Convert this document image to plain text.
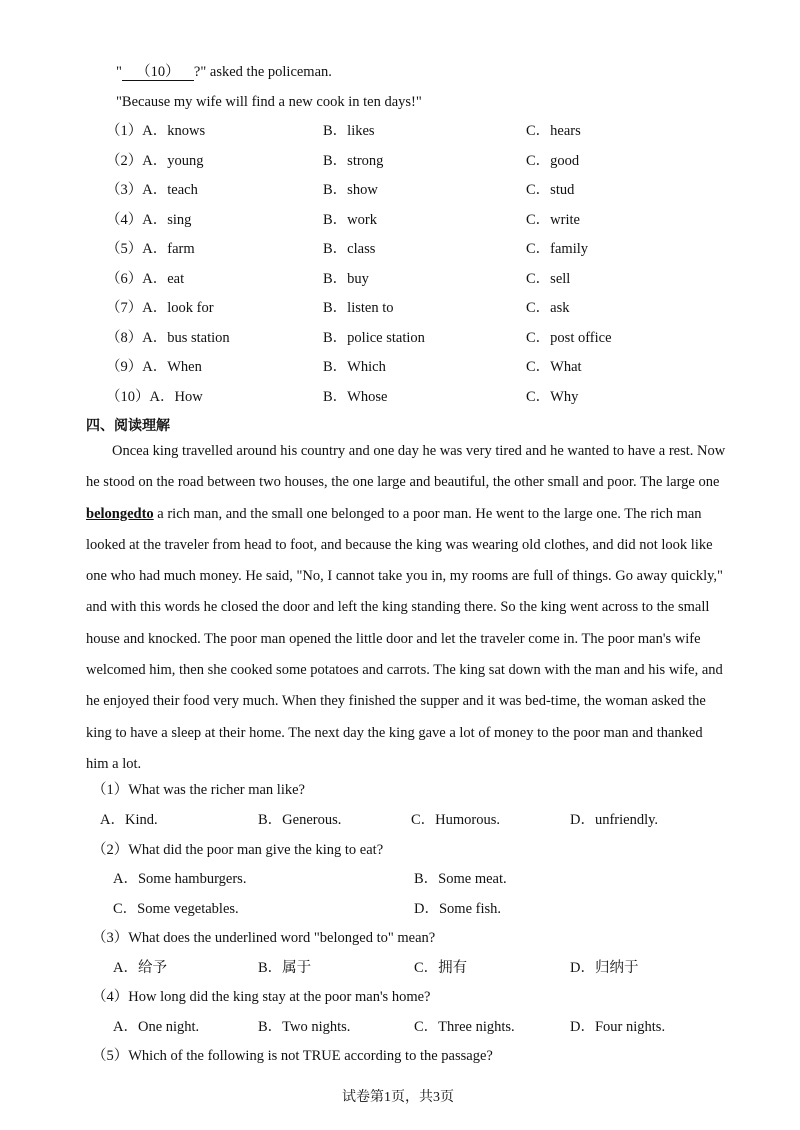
" （10） ?" asked the policeman.
"Because my wife will find a new cook in ten days!"
（1）A．knows	B．likes	C．hears
（2）A．young	B．strong	C．good
（3）A．teach	B．show	C．stud
（4）A．sing	B．work	C．write
（5）A．farm	B．class	C．family
（6）A．eat	B．buy	C．sell
（7）A．look for	B．listen to	C．ask
（8）A．bus station	B．police station	C．post office
（9）A．When	B．Which	C．What
（10）A．How	B．Whose	C．Why
四、阅读理解
Oncea king travelled around his country and one day he was very tired and he wanted to have a rest. Now he stood on the road between two houses, the one large and beautiful, the other small and poor. The large one belongedto a rich man, and the small one belonged to a poor man. He went to the large one. The rich man looked at the traveler from head to foot, and because the king was wearing old clothes, and did not look like one who had much money. He said, "No, I cannot take you in, my rooms are full of things. Go away quickly," and with this words he closed the door and left the king standing there. So the king went across to the small house and knocked. The poor man opened the little door and let the traveler come in. The poor man's wife welcomed him, then she cooked some potatoes and carrots. The king sat down with the man and his wife, and he enjoyed their food very much. When they finished the supper and it was bed-time, the woman asked the king to have a sleep at their home. The next day the king gave a lot of money to the poor man and thanked him a lot.
（1）What was the richer man like?
A．Kind.	B．Generous.	C．Humorous.	D．unfriendly.
（2）What did the poor man give the king to eat?
A．Some hamburgers.	B．Some meat.
C．Some vegetables.	D．Some fish.
（3）What does the underlined word "belonged to" mean?
A．给予	B．属于	C．拥有	D．归纳于
（4）How long did the king stay at the poor man's home?
A．One night.	B．Two nights.	C．Three nights.	D．Four nights.
（5）Which of the following is not TRUE according to the passage?
试卷第1页，共3页
